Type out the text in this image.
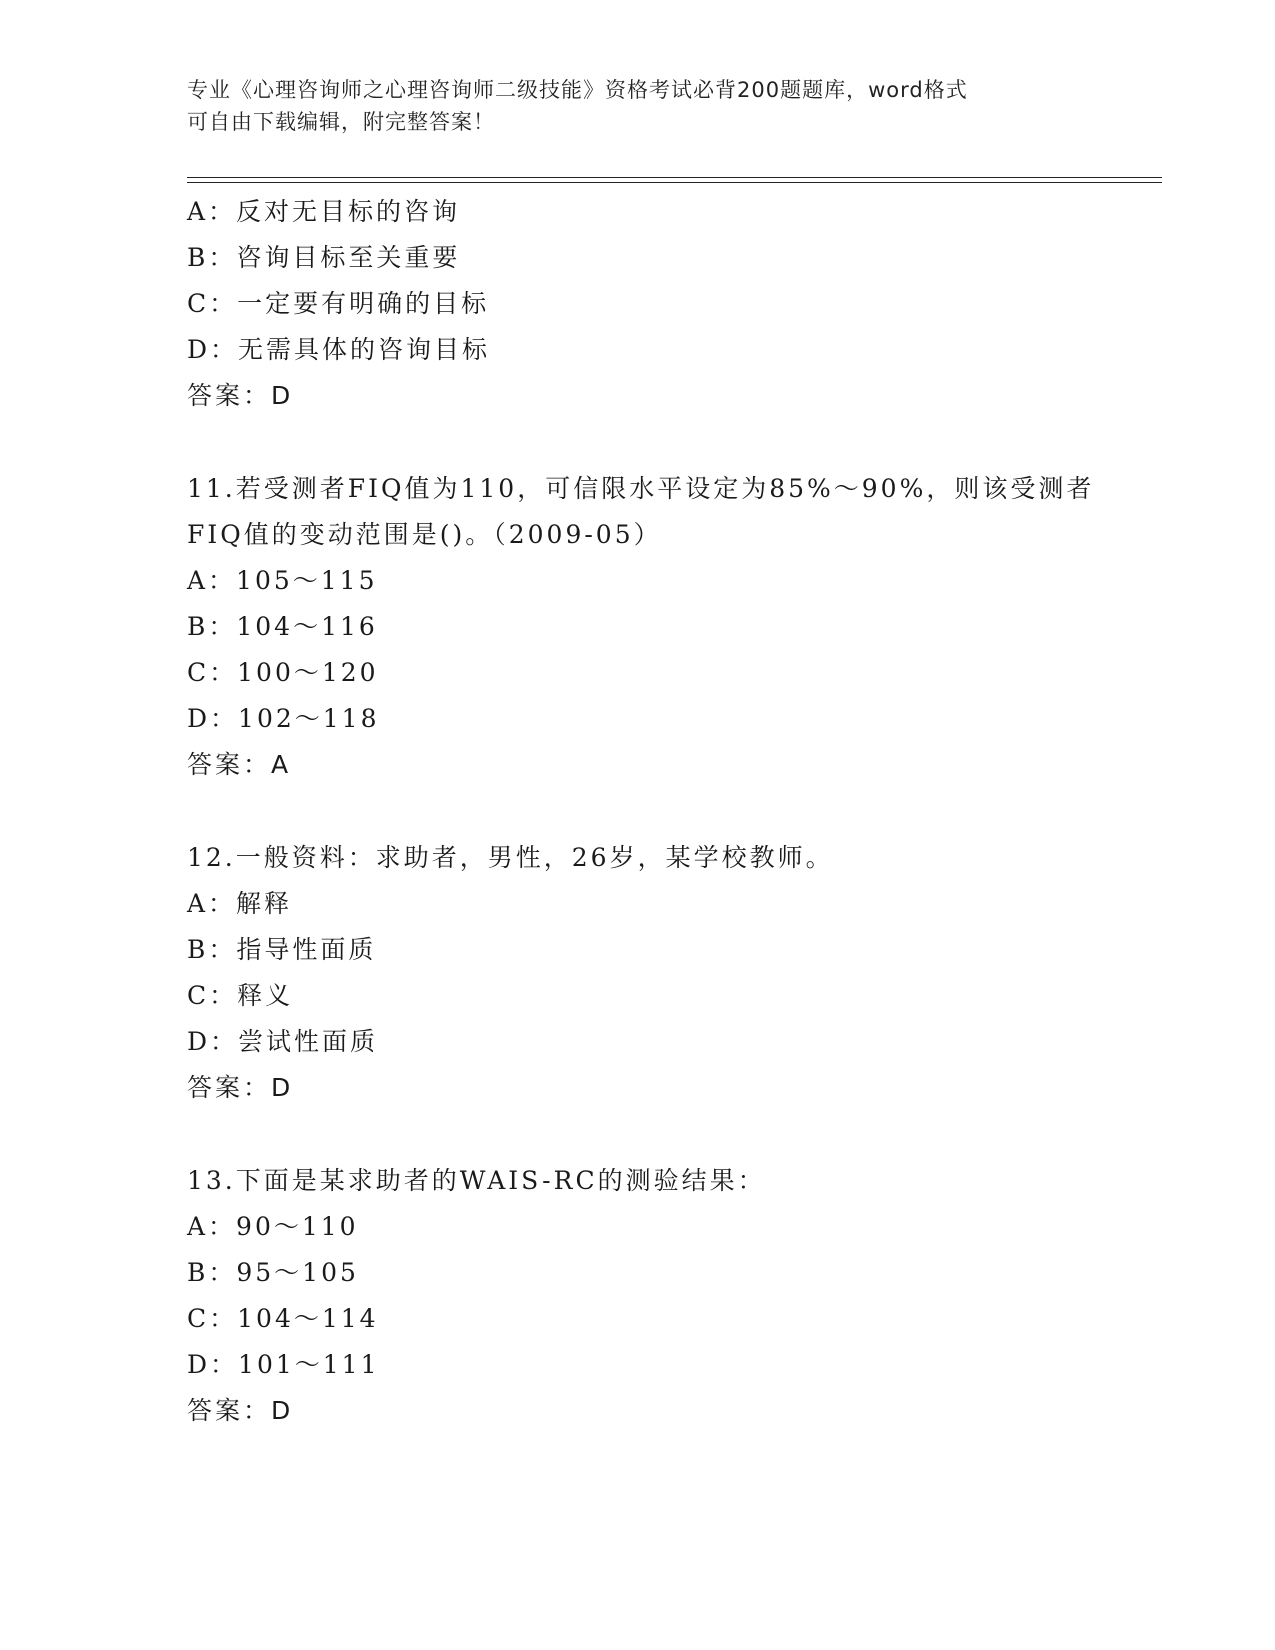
专业《心理咨询师之心理咨询师二级技能》资格考试必背200题题库，word格式
可自由下载编辑，附完整答案！
A：反对无目标的咨询
B：咨询目标至关重要
C：一定要有明确的目标
D：无需具体的咨询目标
答案：D
11.若受测者FIQ值为110，可信限水平设定为85%～90%，则该受测者
FIQ值的变动范围是()。（2009-05）
A：105～115
B：104～116
C：100～120
D：102～118
答案：A
12.一般资料：求助者，男性，26岁，某学校教师。
A：解释
B：指导性面质
C：释义
D：尝试性面质
答案：D
13.下面是某求助者的WAIS-RC的测验结果：
A：90～110
B：95～105
C：104～114
D：101～111
答案：D
